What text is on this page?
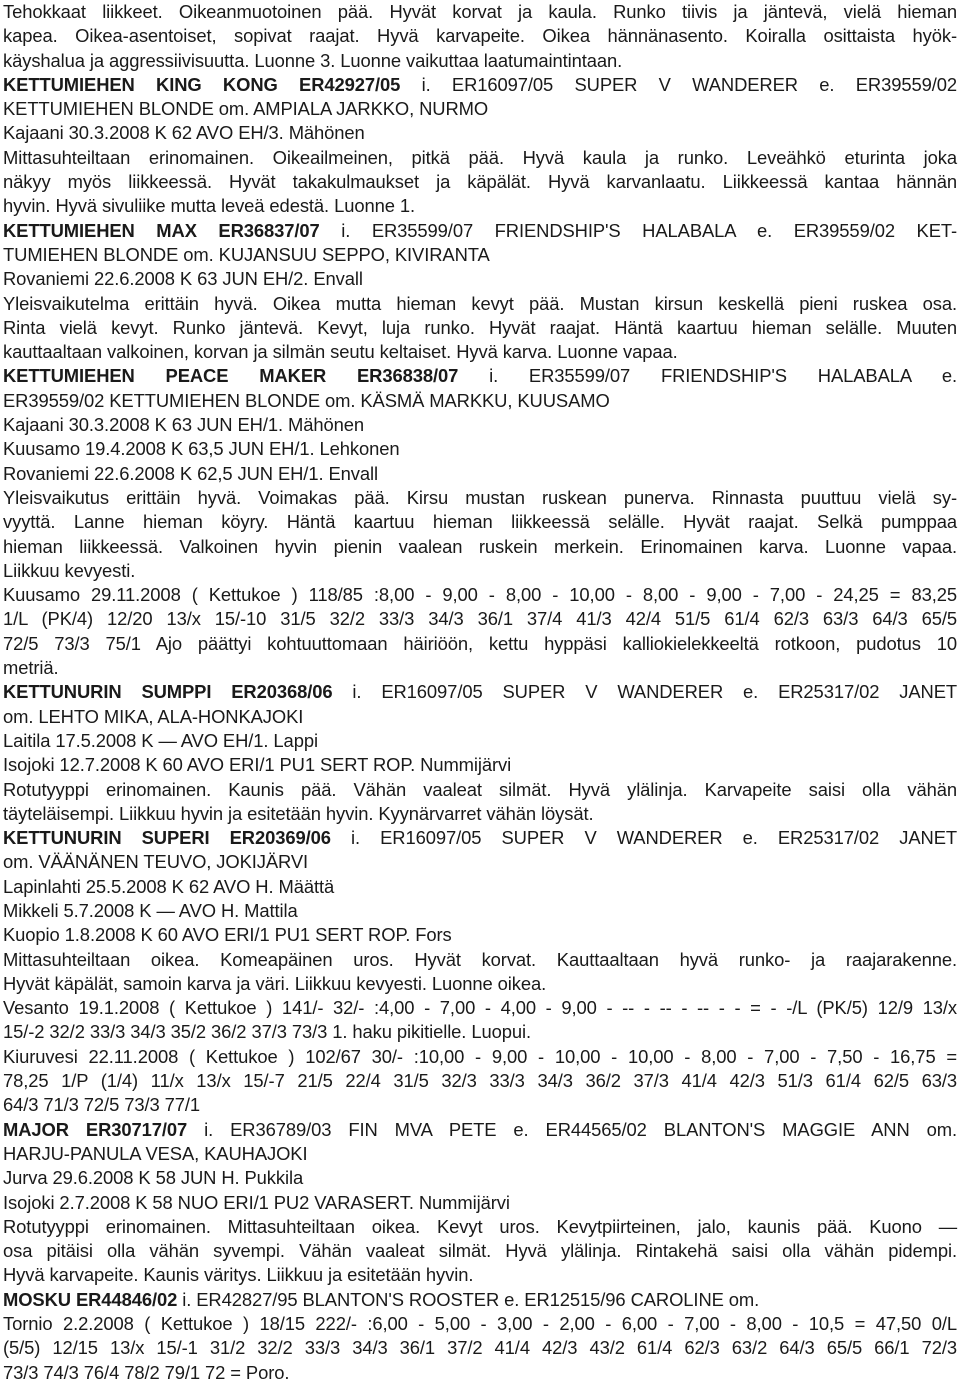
Tehokkaat liikkeet. Oikeanmuotoinen pää. Hyvät korvat ja kaula. Runko tiivis ja jäntevä, vielä hieman
kapea. Oikea-asentoiset, sopivat raajat. Hyvä karvapeite. Oikea hännänasento. Koiralla osittaista hyök-
käyshalua ja aggressiivisuutta. Luonne 3. Luonne vaikuttaa laatumaintintaan.
KETTUMIEHEN KING KONG ER42927/05 i. ER16097/05 SUPER V WANDERER e. ER39559/02
KETTUMIEHEN BLONDE om. AMPIALA JARKKO, NURMO
Kajaani 30.3.2008 K 62 AVO EH/3. Mähönen
Mittasuhteiltaan erinomainen. Oikeailmeinen, pitkä pää. Hyvä kaula ja runko. Leveähkö eturinta joka
näkyy myös liikkeessä. Hyvät takakulmaukset ja käpälät. Hyvä karvanlaatu. Liikkeessä kantaa hännän
hyvin. Hyvä sivuliike mutta leveä edestä. Luonne 1.
KETTUMIEHEN MAX ER36837/07 i. ER35599/07 FRIENDSHIP'S HALABALA e. ER39559/02 KET-
TUMIEHEN BLONDE om. KUJANSUU SEPPO, KIVIRANTA
Rovaniemi 22.6.2008 K 63 JUN EH/2. Envall
Yleisvaikutelma erittäin hyvä. Oikea mutta hieman kevyt pää. Mustan kirsun keskellä pieni ruskea osa.
Rinta vielä kevyt. Runko jäntevä. Kevyt, luja runko. Hyvät raajat. Häntä kaartuu hieman selälle. Muuten
kauttaaltaan valkoinen, korvan ja silmän seutu keltaiset. Hyvä karva. Luonne vapaa.
KETTUMIEHEN PEACE MAKER ER36838/07 i. ER35599/07 FRIENDSHIP'S HALABALA e.
ER39559/02 KETTUMIEHEN BLONDE om. KÄSMÄ MARKKU, KUUSAMO
Kajaani 30.3.2008 K 63 JUN EH/1. Mähönen
Kuusamo 19.4.2008 K 63,5 JUN EH/1. Lehkonen
Rovaniemi 22.6.2008 K 62,5 JUN EH/1. Envall
Yleisvaikutus erittäin hyvä. Voimakas pää. Kirsu mustan ruskean punerva. Rinnasta puuttuu vielä sy-
vyyttä. Lanne hieman köyry. Häntä kaartuu hieman liikkeessä selälle. Hyvät raajat. Selkä pumppaa
hieman liikkeessä. Valkoinen hyvin pienin vaalean ruskein merkein. Erinomainen karva. Luonne vapaa.
Liikkuu kevyesti.
Kuusamo 29.11.2008 ( Kettukoe ) 118/85 :8,00 - 9,00 - 8,00 - 10,00 - 8,00 - 9,00 - 7,00 - 24,25 = 83,25
1/L (PK/4) 12/20 13/x 15/-10 31/5 32/2 33/3 34/3 36/1 37/4 41/3 42/4 51/5 61/4 62/3 63/3 64/3 65/5
72/5 73/3 75/1 Ajo päättyi kohtuuttomaan häiriöön, kettu hyppäsi kalliokielekkeeltä rotkoon, pudotus 10
metriä.
KETTUNURIN SUMPPI ER20368/06 i. ER16097/05 SUPER V WANDERER e. ER25317/02 JANET
om. LEHTO MIKA, ALA-HONKAJOKI
Laitila 17.5.2008 K — AVO EH/1. Lappi
Isojoki 12.7.2008 K 60 AVO ERI/1 PU1 SERT ROP. Nummijärvi
Rotutyyppi erinomainen. Kaunis pää. Vähän vaaleat silmät. Hyvä ylälinja. Karvapeite saisi olla vähän
täyteläisempi. Liikkuu hyvin ja esitetään hyvin. Kyynärvarret vähän löysät.
KETTUNURIN SUPERI ER20369/06 i. ER16097/05 SUPER V WANDERER e. ER25317/02 JANET
om. VÄÄNÄNEN TEUVO, JOKIJÄRVI
Lapinlahti 25.5.2008 K 62 AVO H. Määttä
Mikkeli 5.7.2008 K — AVO H. Mattila
Kuopio 1.8.2008 K 60 AVO ERI/1 PU1 SERT ROP. Fors
Mittasuhteiltaan oikea. Komeapäinen uros. Hyvät korvat. Kauttaaltaan hyvä runko- ja raajarakenne.
Hyvät käpälät, samoin karva ja väri. Liikkuu kevyesti. Luonne oikea.
Vesanto 19.1.2008 ( Kettukoe ) 141/- 32/- :4,00 - 7,00 - 4,00 - 9,00 - -- - -- - -- - - = - -/L (PK/5) 12/9 13/x
15/-2 32/2 33/3 34/3 35/2 36/2 37/3 73/3 1. haku pikitielle. Luopui.
Kiuruvesi 22.11.2008 ( Kettukoe ) 102/67 30/- :10,00 - 9,00 - 10,00 - 10,00 - 8,00 - 7,00 - 7,50 - 16,75 =
78,25 1/P (1/4) 11/x 13/x 15/-7 21/5 22/4 31/5 32/3 33/3 34/3 36/2 37/3 41/4 42/3 51/3 61/4 62/5 63/3
64/3 71/3 72/5 73/3 77/1
MAJOR ER30717/07 i. ER36789/03 FIN MVA PETE e. ER44565/02 BLANTON'S MAGGIE ANN om.
HARJU-PANULA VESA, KAUHAJOKI
Jurva 29.6.2008 K 58 JUN H. Pukkila
Isojoki 2.7.2008 K 58 NUO ERI/1 PU2 VARASERT. Nummijärvi
Rotutyyppi erinomainen. Mittasuhteiltaan oikea. Kevyt uros. Kevytpiirteinen, jalo, kaunis pää. Kuono —
osa pitäisi olla vähän syvempi. Vähän vaaleat silmät. Hyvä ylälinja. Rintakehä saisi olla vähän pidempi.
Hyvä karvapeite. Kaunis väritys. Liikkuu ja esitetään hyvin.
MOSKU ER44846/02 i. ER42827/95 BLANTON'S ROOSTER e. ER12515/96 CAROLINE om.
Tornio 2.2.2008 ( Kettukoe ) 18/15 222/- :6,00 - 5,00 - 3,00 - 2,00 - 6,00 - 7,00 - 8,00 - 10,5 = 47,50 0/L
(5/5) 12/15 13/x 15/-1 31/2 32/2 33/3 34/3 36/1 37/2 41/4 42/3 43/2 61/4 62/3 63/2 64/3 65/5 66/1 72/3
73/3 74/3 76/4 78/2 79/1 72 = Poro.
